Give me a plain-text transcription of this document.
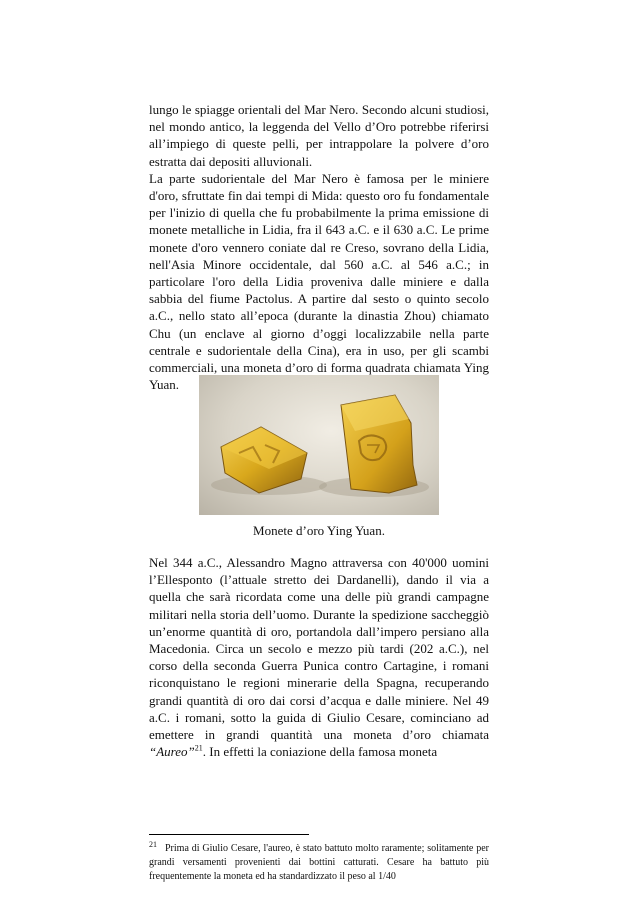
lungo le spiagge orientali del Mar Nero. Secondo alcuni studiosi, nel mondo antico, la leggenda del Vello d’Oro potrebbe riferirsi all’impiego di queste pelli, per intrappolare la polvere d’oro estratta dai depositi alluvionali.

La parte sudorientale del Mar Nero è famosa per le miniere d'oro, sfruttate fin dai tempi di Mida: questo oro fu fondamentale per l'inizio di quella che fu probabilmente la prima emissione di monete metalliche in Lidia, fra il 643 a.C. e il 630 a.C. Le prime monete d'oro vennero coniate dal re Creso, sovrano della Lidia, nell'Asia Minore occidentale, dal 560 a.C. al 546 a.C.; in particolare l'oro della Lidia proveniva dalle miniere e dalla sabbia del fiume Pactolus. A partire dal sesto o quinto secolo a.C., nello stato all’epoca (durante la dinastia Zhou) chiamato Chu (un enclave al giorno d’oggi localizzabile nella parte centrale e sudorientale della Cina), era in uso, per gli scambi commerciali, una moneta d’oro di forma quadrata chiamata Ying Yuan.

Monete d’oro Ying Yuan.

Nel 344 a.C., Alessandro Magno attraversa con 40'000 uomini l’Ellesponto (l’attuale stretto dei Dardanelli), dando il via a quella che sarà ricordata come una delle più grandi campagne militari nella storia dell’uomo. Durante la spedizione saccheggiò un’enorme quantità di oro, portandola dall’impero persiano alla Macedonia. Circa un secolo e mezzo più tardi (202 a.C.), nel corso della seconda Guerra Punica contro Cartagine, i romani riconquistano le regioni minerarie della Spagna, recuperando grandi quantità di oro dai corsi d’acqua e dalle miniere. Nel 49 a.C. i romani, sotto la guida di Giulio Cesare, cominciano ad emettere in grandi quantità una moneta d’oro chiamata “Aureo”$^{21}$. In effetti la coniazione della famosa moneta

$^{21}$ Prima di Giulio Cesare, l'aureo, è stato battuto molto raramente; solitamente per grandi versamenti provenienti dai bottini catturati. Cesare ha battuto più frequentemente la moneta ed ha standardizzato il peso al 1/40
